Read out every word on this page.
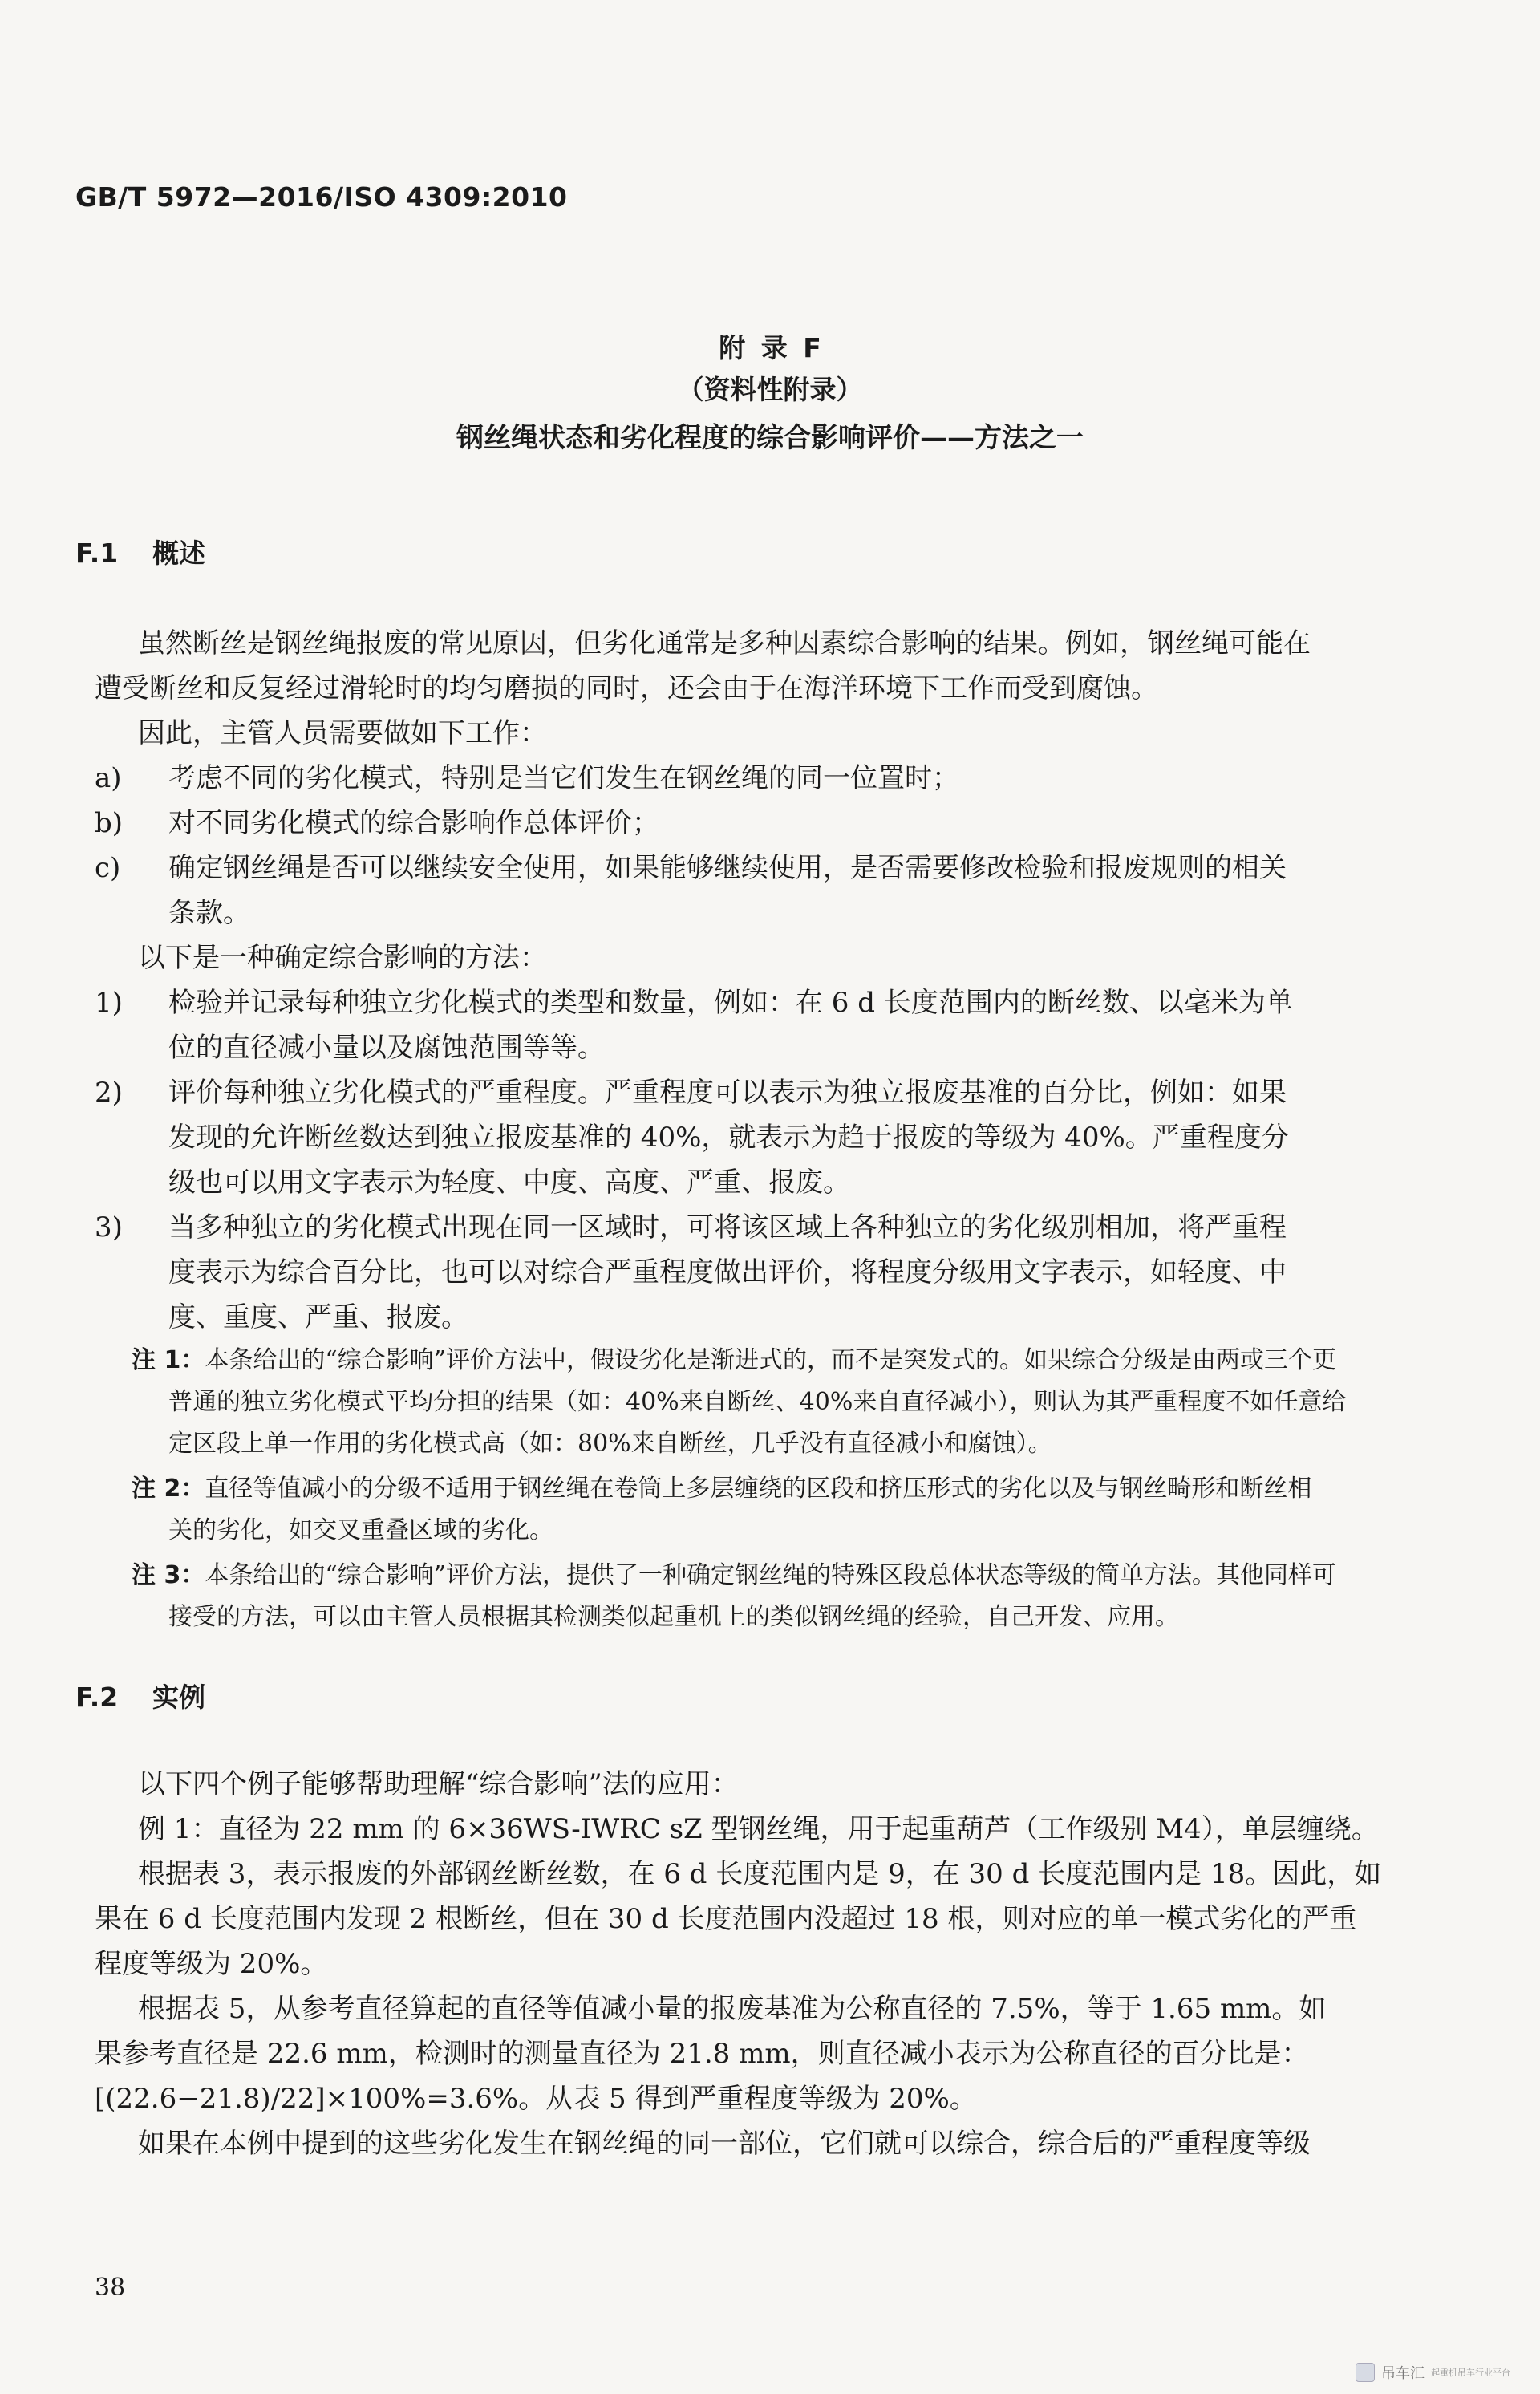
GB/T 5972—2016/ISO 4309:2010
附 录 F
（资料性附录）
钢丝绳状态和劣化程度的综合影响评价——方法之一
F.1 概述
虽然断丝是钢丝绳报废的常见原因，但劣化通常是多种因素综合影响的结果。例如，钢丝绳可能在
遭受断丝和反复经过滑轮时的均匀磨损的同时，还会由于在海洋环境下工作而受到腐蚀。
因此，主管人员需要做如下工作：
a) 考虑不同的劣化模式，特别是当它们发生在钢丝绳的同一位置时；
b) 对不同劣化模式的综合影响作总体评价；
c) 确定钢丝绳是否可以继续安全使用，如果能够继续使用，是否需要修改检验和报废规则的相关
条款。
以下是一种确定综合影响的方法：
1) 检验并记录每种独立劣化模式的类型和数量，例如：在 6 d 长度范围内的断丝数、以毫米为单
位的直径减小量以及腐蚀范围等等。
2) 评价每种独立劣化模式的严重程度。严重程度可以表示为独立报废基准的百分比，例如：如果
发现的允许断丝数达到独立报废基准的 40%，就表示为趋于报废的等级为 40%。严重程度分
级也可以用文字表示为轻度、中度、高度、严重、报废。
3) 当多种独立的劣化模式出现在同一区域时，可将该区域上各种独立的劣化级别相加，将严重程
度表示为综合百分比，也可以对综合严重程度做出评价，将程度分级用文字表示，如轻度、中
度、重度、严重、报废。
注 1：本条给出的“综合影响”评价方法中，假设劣化是渐进式的，而不是突发式的。如果综合分级是由两或三个更
普通的独立劣化模式平均分担的结果（如：40%来自断丝、40%来自直径减小），则认为其严重程度不如任意给
定区段上单一作用的劣化模式高（如：80%来自断丝，几乎没有直径减小和腐蚀）。
注 2：直径等值减小的分级不适用于钢丝绳在卷筒上多层缠绕的区段和挤压形式的劣化以及与钢丝畸形和断丝相
关的劣化，如交叉重叠区域的劣化。
注 3：本条给出的“综合影响”评价方法，提供了一种确定钢丝绳的特殊区段总体状态等级的简单方法。其他同样可
接受的方法，可以由主管人员根据其检测类似起重机上的类似钢丝绳的经验，自己开发、应用。
F.2 实例
以下四个例子能够帮助理解“综合影响”法的应用：
例 1：直径为 22 mm 的 6×36WS-IWRC sZ 型钢丝绳，用于起重葫芦（工作级别 M4），单层缠绕。
根据表 3，表示报废的外部钢丝断丝数，在 6 d 长度范围内是 9，在 30 d 长度范围内是 18。因此，如
果在 6 d 长度范围内发现 2 根断丝，但在 30 d 长度范围内没超过 18 根，则对应的单一模式劣化的严重
程度等级为 20%。
根据表 5，从参考直径算起的直径等值减小量的报废基准为公称直径的 7.5%，等于 1.65 mm。如
果参考直径是 22.6 mm，检测时的测量直径为 21.8 mm，则直径减小表示为公称直径的百分比是：
[(22.6−21.8)/22]×100%=3.6%。从表 5 得到严重程度等级为 20%。
如果在本例中提到的这些劣化发生在钢丝绳的同一部位，它们就可以综合，综合后的严重程度等级
38
吊车汇 起重机吊车行业平台
